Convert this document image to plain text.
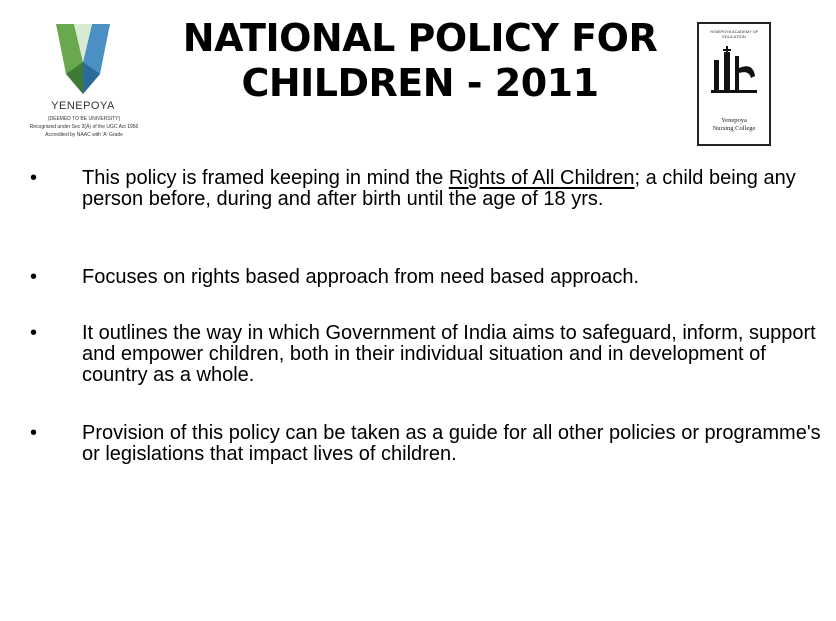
YENEPOYA
(DEEMED TO BE UNIVERSITY)
Recognized under Sec 3(A) of the UGC Act 1956
Accredited by NAAC with 'A' Grade
NATIONAL POLICY FOR
CHILDREN - 2011
YENEPOYA ACADEMY OF EDUCATION
Yenepoya
Nursing College
•	This policy is framed keeping in mind the Rights of All Children; a child being any person before, during and after birth until the age of 18 yrs.
•	Focuses on rights based approach from need based approach.
•	It outlines the way in which Government of India aims to safeguard, inform, support and empower children, both in their individual situation and in development of country as a whole.
•	Provision of this policy can be taken as a guide for all other policies or programme's or legislations that impact lives of children.
